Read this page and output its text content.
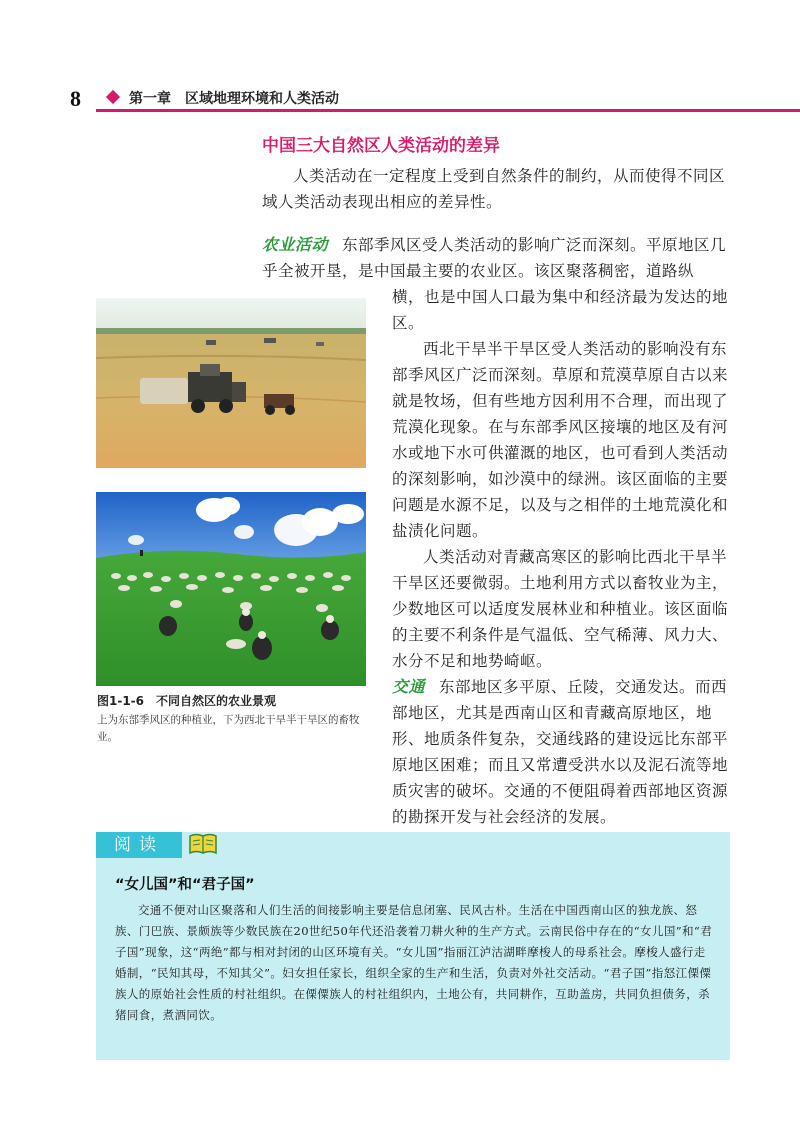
8	第一章　区域地理环境和人类活动
中国三大自然区人类活动的差异
人类活动在一定程度上受到自然条件的制约，从而使得不同区域人类活动表现出相应的差异性。
农业活动 东部季风区受人类活动的影响广泛而深刻。平原地区几乎全被开垦，是中国最主要的农业区。该区聚落稠密，道路纵
横，也是中国人口最为集中和经济最为发达的地区。
西北干旱半干旱区受人类活动的影响没有东部季风区广泛而深刻。草原和荒漠草原自古以来就是牧场，但有些地方因利用不合理，而出现了荒漠化现象。在与东部季风区接壤的地区及有河水或地下水可供灌溉的地区，也可看到人类活动的深刻影响，如沙漠中的绿洲。该区面临的主要问题是水源不足，以及与之相伴的土地荒漠化和盐渍化问题。
人类活动对青藏高寒区的影响比西北干旱半干旱区还要微弱。土地利用方式以畜牧业为主，少数地区可以适度发展林业和种植业。该区面临的主要不利条件是气温低、空气稀薄、风力大、水分不足和地势崎岖。
交通 东部地区多平原、丘陵，交通发达。而西部地区，尤其是西南山区和青藏高原地区，地形、地质条件复杂，交通线路的建设远比东部平原地区困难；而且又常遭受洪水以及泥石流等地质灾害的破坏。交通的不便阻碍着西部地区资源的勘探开发与社会经济的发展。
图1-1-6　不同自然区的农业景观
上为东部季风区的种植业，下为西北干旱半干旱区的畜牧业。
阅读
“女儿国”和“君子国”
交通不便对山区聚落和人们生活的间接影响主要是信息闭塞、民风古朴。生活在中国西南山区的独龙族、怒族、门巴族、景颇族等少数民族在20世纪50年代还沿袭着刀耕火种的生产方式。云南民俗中存在的“女儿国”和“君子国”现象，这“两绝”都与相对封闭的山区环境有关。“女儿国”指丽江泸沽湖畔摩梭人的母系社会。摩梭人盛行走婚制，“民知其母，不知其父”。妇女担任家长，组织全家的生产和生活，负责对外社交活动。“君子国”指怒江傈僳族人的原始社会性质的村社组织。在傈僳族人的村社组织内，土地公有，共同耕作，互助盖房，共同负担债务，杀猪同食，煮酒同饮。
